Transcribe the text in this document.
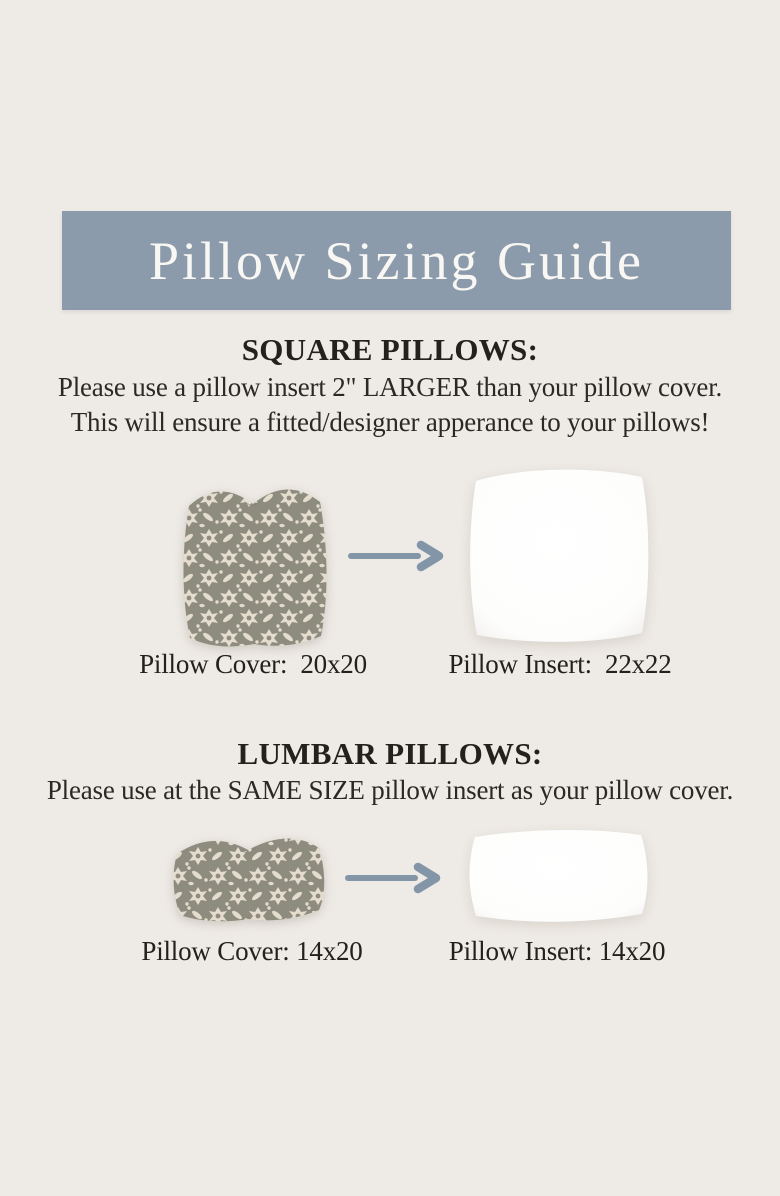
Pillow Sizing Guide
SQUARE PILLOWS:

Please use a pillow insert 2" LARGER than your pillow cover.

This will ensure a fitted/designer apperance to your pillows!

Pillow Cover:  20x20	Pillow Insert:  22x22
LUMBAR PILLOWS:

Please use at the SAME SIZE pillow insert as your pillow cover.

Pillow Cover: 14x20	Pillow Insert: 14x20
